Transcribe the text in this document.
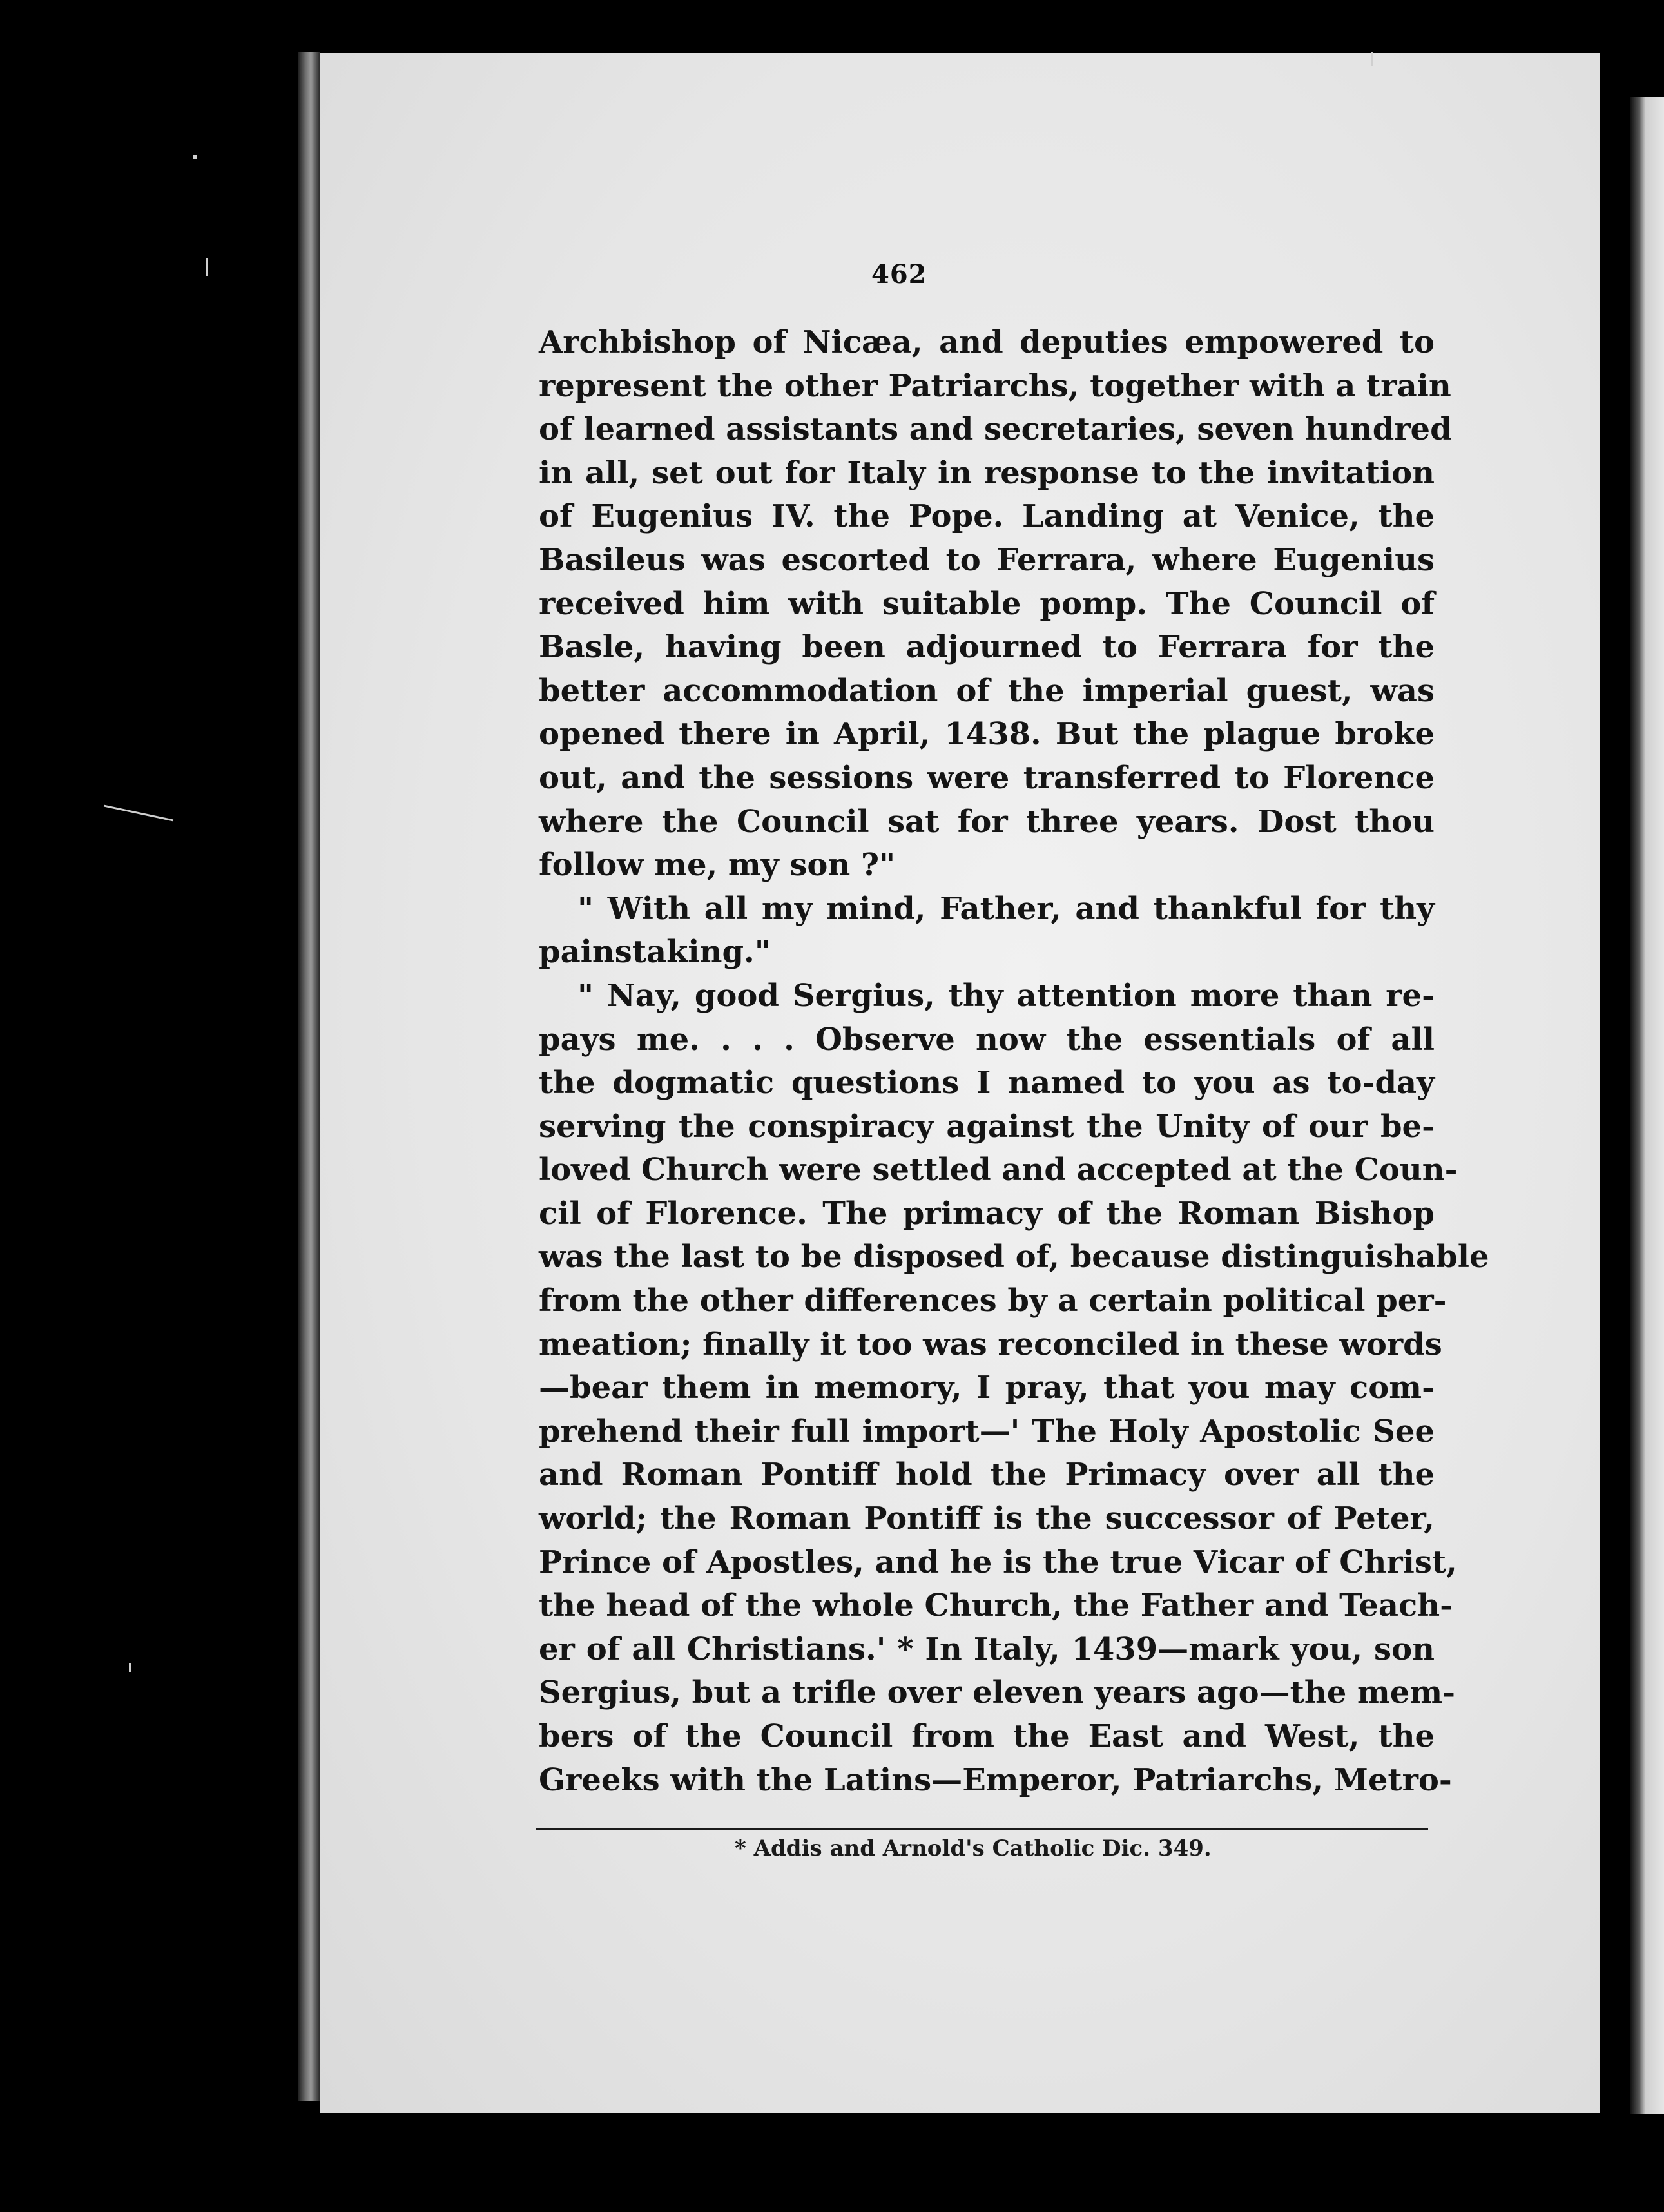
462
Archbishop of Nicæa, and deputies empowered to
represent the other Patriarchs, together with a train
of learned assistants and secretaries, seven hundred
in all, set out for Italy in response to the invitation
of Eugenius IV. the Pope. Landing at Venice, the
Basileus was escorted to Ferrara, where Eugenius
received him with suitable pomp. The Council of
Basle, having been adjourned to Ferrara for the
better accommodation of the imperial guest, was
opened there in April, 1438. But the plague broke
out, and the sessions were transferred to Florence
where the Council sat for three years. Dost thou
follow me, my son ?"
" With all my mind, Father, and thankful for thy
painstaking."
" Nay, good Sergius, thy attention more than re-
pays me. . . . Observe now the essentials of all
the dogmatic questions I named to you as to-day
serving the conspiracy against the Unity of our be-
loved Church were settled and accepted at the Coun-
cil of Florence. The primacy of the Roman Bishop
was the last to be disposed of, because distinguishable
from the other differences by a certain political per-
meation; finally it too was reconciled in these words
—bear them in memory, I pray, that you may com-
prehend their full import—' The Holy Apostolic See
and Roman Pontiff hold the Primacy over all the
world; the Roman Pontiff is the successor of Peter,
Prince of Apostles, and he is the true Vicar of Christ,
the head of the whole Church, the Father and Teach-
er of all Christians.' * In Italy, 1439—mark you, son
Sergius, but a trifle over eleven years ago—the mem-
bers of the Council from the East and West, the
Greeks with the Latins—Emperor, Patriarchs, Metro-
* Addis and Arnold's Catholic Dic. 349.
